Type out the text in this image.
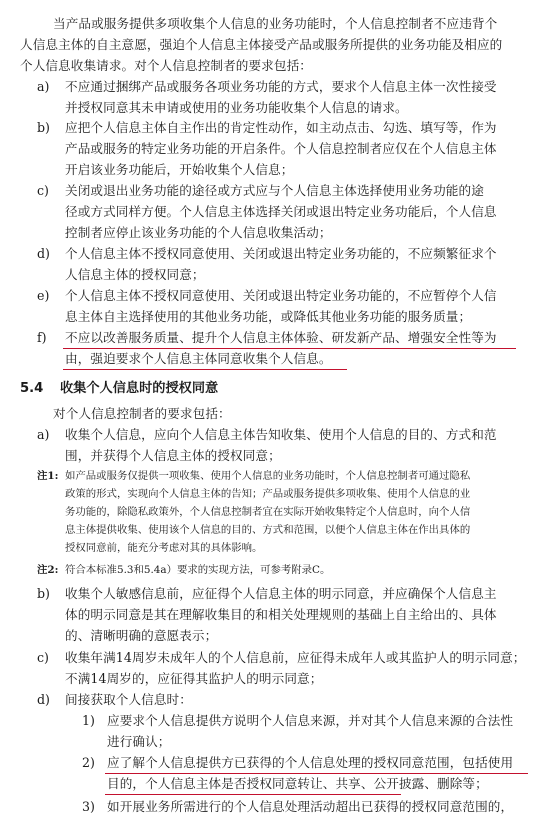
当产品或服务提供多项收集个人信息的业务功能时，个人信息控制者不应违背个
人信息主体的自主意愿，强迫个人信息主体接受产品或服务所提供的业务功能及相应的
个人信息收集请求。对个人信息控制者的要求包括：
a) 不应通过捆绑产品或服务各项业务功能的方式，要求个人信息主体一次性接受
并授权同意其未申请或使用的业务功能收集个人信息的请求。
b) 应把个人信息主体自主作出的肯定性动作，如主动点击、勾选、填写等，作为
产品或服务的特定业务功能的开启条件。个人信息控制者应仅在个人信息主体
开启该业务功能后，开始收集个人信息；
c) 关闭或退出业务功能的途径或方式应与个人信息主体选择使用业务功能的途
径或方式同样方便。个人信息主体选择关闭或退出特定业务功能后，个人信息
控制者应停止该业务功能的个人信息收集活动；
d) 个人信息主体不授权同意使用、关闭或退出特定业务功能的，不应频繁征求个
人信息主体的授权同意；
e) 个人信息主体不授权同意使用、关闭或退出特定业务功能的，不应暂停个人信
息主体自主选择使用的其他业务功能，或降低其他业务功能的服务质量；
f) 不应以改善服务质量、提升个人信息主体体验、研发新产品、增强安全性等为
由，强迫要求个人信息主体同意收集个人信息。
5.4 收集个人信息时的授权同意
对个人信息控制者的要求包括：
a) 收集个人信息，应向个人信息主体告知收集、使用个人信息的目的、方式和范
围，并获得个人信息主体的授权同意；
注1: 如产品或服务仅提供一项收集、使用个人信息的业务功能时，个人信息控制者可通过隐私
政策的形式，实现向个人信息主体的告知；产品或服务提供多项收集、使用个人信息的业
务功能的，除隐私政策外，个人信息控制者宜在实际开始收集特定个人信息时，向个人信
息主体提供收集、使用该个人信息的目的、方式和范围，以便个人信息主体在作出具体的
授权同意前，能充分考虑对其的具体影响。
注2: 符合本标准5.3和5.4a）要求的实现方法，可参考附录C。
b) 收集个人敏感信息前，应征得个人信息主体的明示同意，并应确保个人信息主
体的明示同意是其在理解收集目的和相关处理规则的基础上自主给出的、具体
的、清晰明确的意愿表示；
c) 收集年满14周岁未成年人的个人信息前，应征得未成年人或其监护人的明示同意；
不满14周岁的，应征得其监护人的明示同意；
d) 间接获取个人信息时：
1) 应要求个人信息提供方说明个人信息来源，并对其个人信息来源的合法性
进行确认；
2) 应了解个人信息提供方已获得的个人信息处理的授权同意范围，包括使用
目的，个人信息主体是否授权同意转让、共享、公开披露、删除等；
3) 如开展业务所需进行的个人信息处理活动超出已获得的授权同意范围的，
